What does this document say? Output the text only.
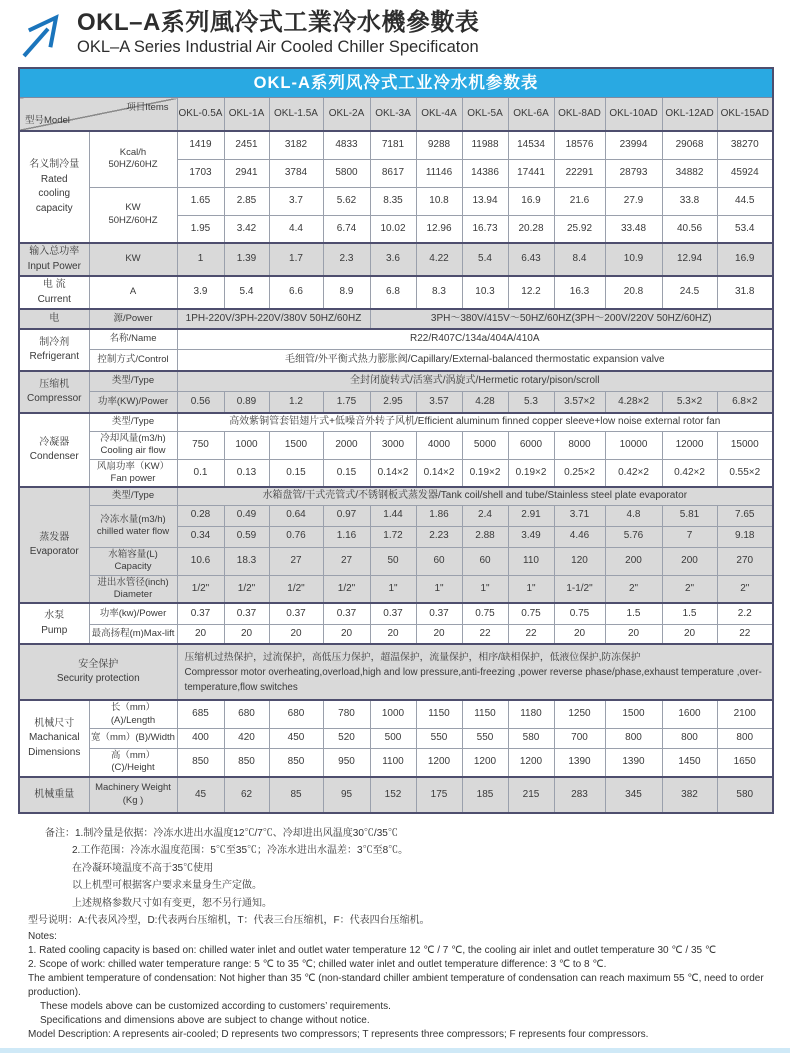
OKL–A系列風冷式工業冷水機參數表
OKL–A Series Industrial Air Cooled Chiller Specificaton
OKL-A系列风冷式工业冷水机参数表													

型号Model
项目Items		OKL-0.5A	OKL-1A	OKL-1.5A	OKL-2A	OKL-3A	OKL-4A	OKL-5A	OKL-6A	OKL-8AD	OKL-10AD	OKL-12AD	OKL-15AD
名义制冷量
Rated
cooling
capacity	Kcal/h
50HZ/60HZ	1419	2451	3182	4833	7181	9288	11988	14534	18576	23994	29068	38270
		1703	2941	3784	5800	8617	11146	14386	17441	22291	28793	34882	45924
	KW
50HZ/60HZ	1.65	2.85	3.7	5.62	8.35	10.8	13.94	16.9	21.6	27.9	33.8	44.5
		1.95	3.42	4.4	6.74	10.02	12.96	16.73	20.28	25.92	33.48	40.56	53.4
输入总功率
Input Power	KW	1	1.39	1.7	2.3	3.6	4.22	5.4	6.43	8.4	10.9	12.94	16.9
电 流
Current	A	3.9	5.4	6.6	8.9	6.8	8.3	10.3	12.2	16.3	20.8	24.5	31.8
电	源/Power	1PH-220V/3PH-220V/380V 50HZ/60HZ				3PH～380V/415V～50HZ/60HZ(3PH～200V/220V 50HZ/60HZ)							
制冷剂
Refrigerant	名称/Name	R22/R407C/134a/404A/410A											
	控制方式/Control	毛细管/外平衡式热力膨胀阀/Capillary/External-balanced thermostatic expansion valve											
压缩机
Compressor	类型/Type	全封闭旋转式/活塞式/涡旋式/Hermetic rotary/pison/scroll											
	功率(KW)/Power	0.56	0.89	1.2	1.75	2.95	3.57	4.28	5.3	3.57×2	4.28×2	5.3×2	6.8×2
冷凝器
Condenser	类型/Type	高效紫铜管套铝翅片式+低噪音外转子风机/Efficient aluminum finned copper sleeve+low noise external rotor fan											
	冷却风量(m3/h)
Cooling air flow	750	1000	1500	2000	3000	4000	5000	6000	8000	10000	12000	15000
	风扇功率（KW）
Fan power	0.1	0.13	0.15	0.15	0.14×2	0.14×2	0.19×2	0.19×2	0.25×2	0.42×2	0.42×2	0.55×2
蒸发器
Evaporator	类型/Type	水箱盘管/干式壳管式/不锈钢板式蒸发器/Tank coil/shell and tube/Stainless steel plate evaporator											
	冷冻水量(m3/h)
chilled water flow	0.28	0.49	0.64	0.97	1.44	1.86	2.4	2.91	3.71	4.8	5.81	7.65
		0.34	0.59	0.76	1.16	1.72	2.23	2.88	3.49	4.46	5.76	7	9.18
	水箱容量(L)
Capacity	10.6	18.3	27	27	50	60	60	110	120	200	200	270
	进出水管径(inch)
Diameter	1/2"	1/2"	1/2"	1/2"	1"	1"	1"	1"	1-1/2"	2"	2"	2"
水泵
Pump	功率(kw)/Power	0.37	0.37	0.37	0.37	0.37	0.37	0.75	0.75	0.75	1.5	1.5	2.2
	最高扬程(m)Max-lift	20	20	20	20	20	20	22	22	20	20	20	22
安全保护
Security protection		压缩机过热保护，过流保护，高低压力保护，超温保护，流量保护，相序/缺相保护，低液位保护,防冻保护
Compressor motor overheating,overload,high and low pressure,anti-freezing ,power reverse phase/phase,exhaust temperature ,over-temperature,flow switches											
机械尺寸
Machanical
Dimensions	长（mm）(A)/Length	685	680	680	780	1000	1150	1150	1180	1250	1500	1600	2100
	宽（mm）(B)/Width	400	420	450	520	500	550	550	580	700	800	800	800
	高（mm）(C)/Height	850	850	850	950	1100	1200	1200	1200	1390	1390	1450	1650
机械重量	Machinery Weight
(Kg )	45	62	85	95	152	175	185	215	283	345	382	580
备注：1.制冷量是依据：冷冻水进出水温度12℃/7℃、冷却进出风温度30℃/35℃
2.工作范围：冷冻水温度范围：5℃至35℃；冷冻水进出水温差：3℃至8℃。
在冷凝环境温度不高于35℃使用
以上机型可根据客户要求来量身生产定做。
上述规格参数尺寸如有变更，恕不另行通知。
型号说明：A:代表风冷型，D:代表两台压缩机，T：代表三台压缩机，F：代表四台压缩机。
Notes:
1. Rated cooling capacity is based on: chilled water inlet and outlet water temperature 12 ℃ / 7 ℃, the cooling air inlet and outlet temperature 30 ℃ / 35 ℃
2. Scope of work: chilled water temperature range: 5 ℃ to 35 ℃; chilled water inlet and outlet temperature difference: 3 ℃ to 8 ℃.
The ambient temperature of condensation: Not higher than 35 ℃ (non-standard chiller ambient temperature of condensation can reach maximum 55 ℃, need to order production).
These models above can be customized according to customers’ requirements.
Specifications and dimensions above are subject to change without notice.
Model Description: A represents air-cooled; D represents two compressors; T represents three compressors; F represents four compressors.
